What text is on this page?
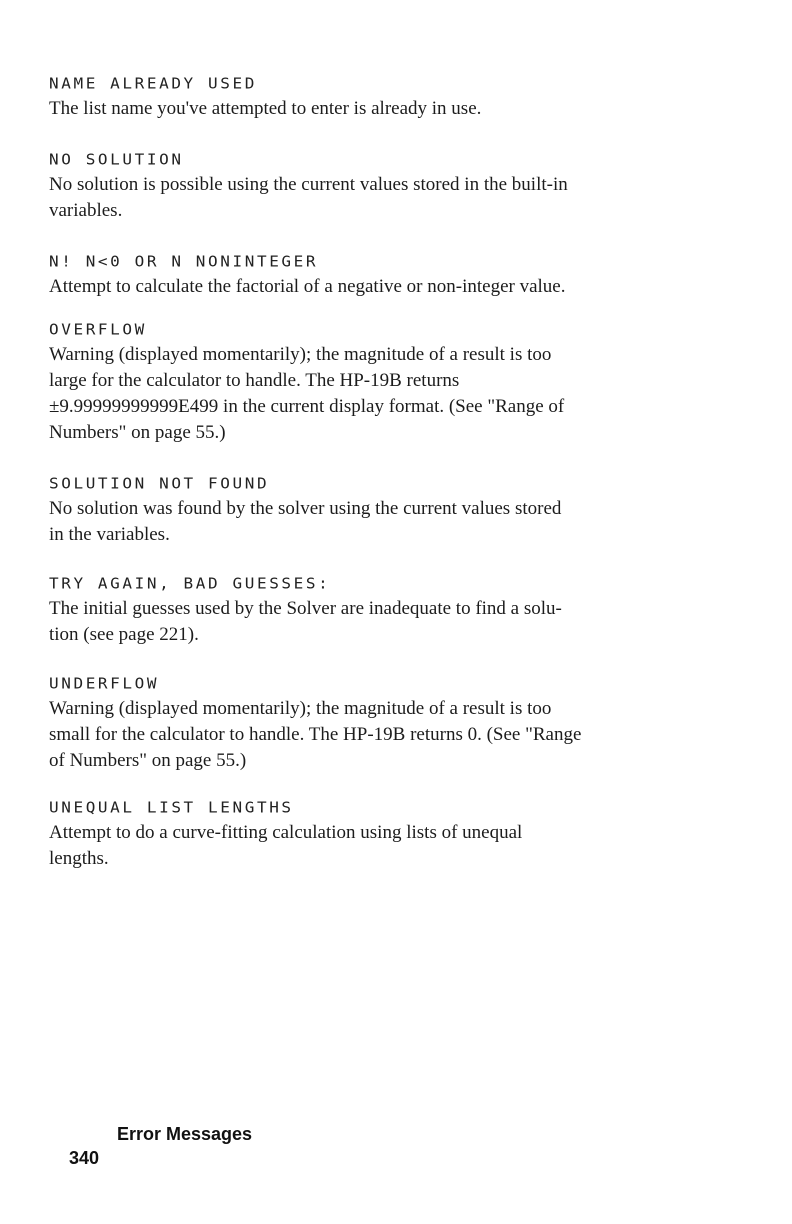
NAME ALREADY USED

The list name you've attempted to enter is already in use.

NO SOLUTION

No solution is possible using the current values stored in the built-in
variables.

N! N<0 OR N NONINTEGER

Attempt to calculate the factorial of a negative or non-integer value.

OVERFLOW

Warning (displayed momentarily); the magnitude of a result is too
large for the calculator to handle. The HP-19B returns
±9.99999999999E499 in the current display format. (See "Range of
Numbers" on page 55.)

SOLUTION NOT FOUND

No solution was found by the solver using the current values stored
in the variables.

TRY AGAIN, BAD GUESSES:

The initial guesses used by the Solver are inadequate to find a solu-
tion (see page 221).

UNDERFLOW

Warning (displayed momentarily); the magnitude of a result is too
small for the calculator to handle. The HP-19B returns 0. (See "Range
of Numbers" on page 55.)

UNEQUAL LIST LENGTHS

Attempt to do a curve-fitting calculation using lists of unequal
lengths.

340

Error Messages
